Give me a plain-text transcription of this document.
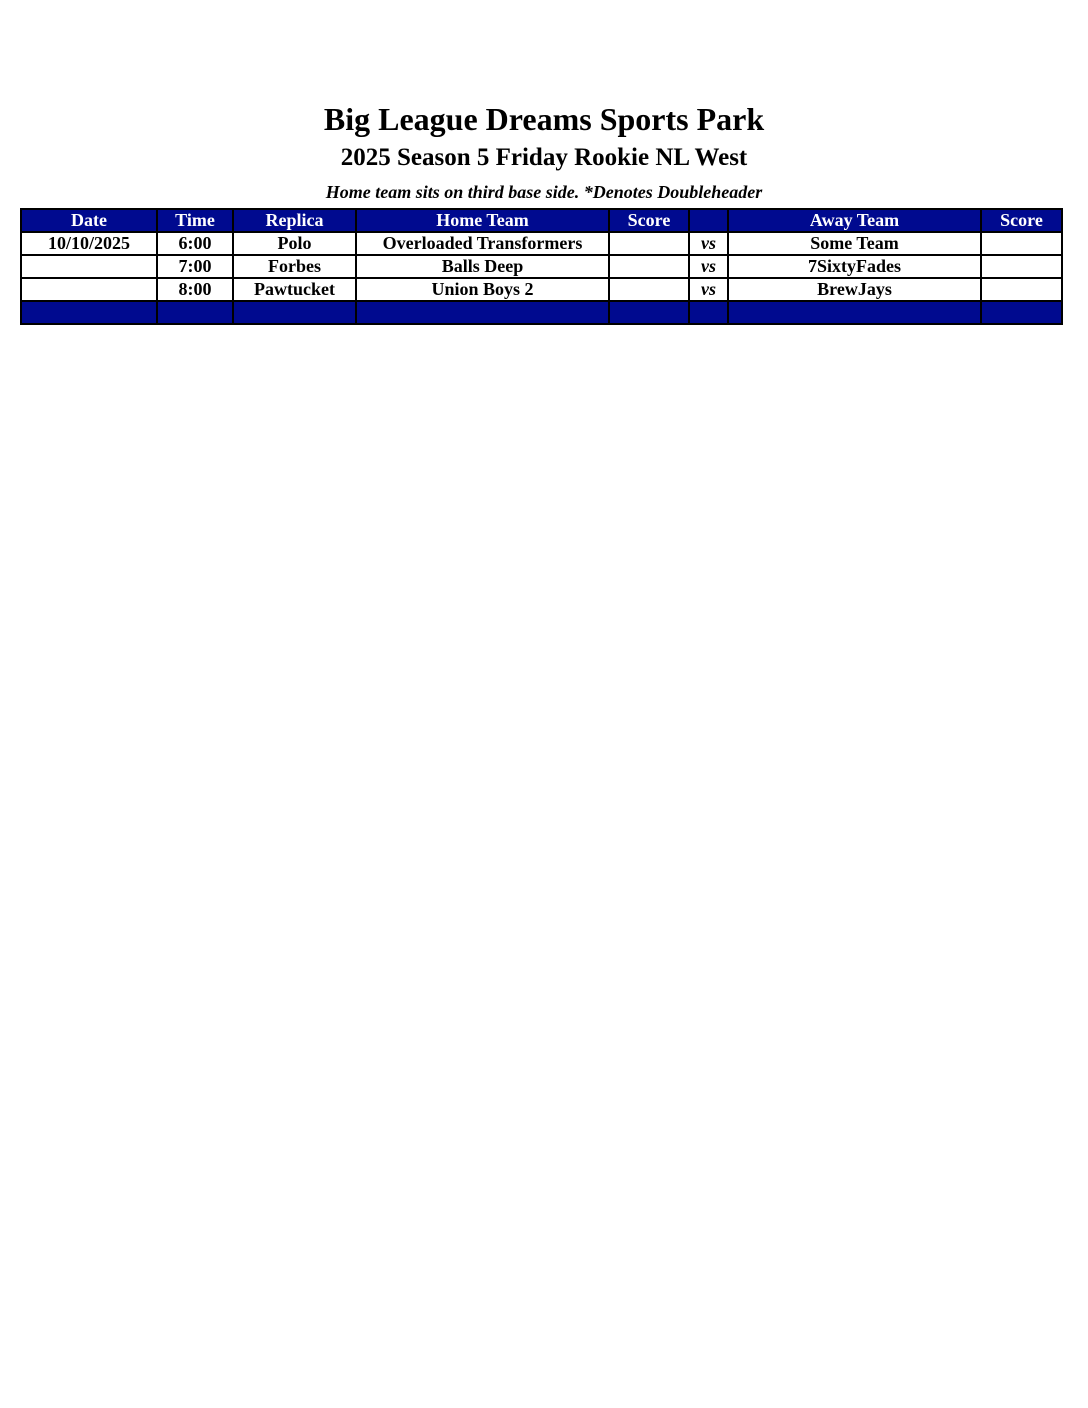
Big League Dreams Sports Park
2025 Season 5 Friday Rookie NL West
Home team sits on third base side. *Denotes Doubleheader
Date	Time	Replica	Home Team	Score		Away Team	Score
10/10/2025	6:00	Polo	Overloaded Transformers		vs	Some Team	
	7:00	Forbes	Balls Deep		vs	7SixtyFades	
	8:00	Pawtucket	Union Boys 2		vs	BrewJays	
